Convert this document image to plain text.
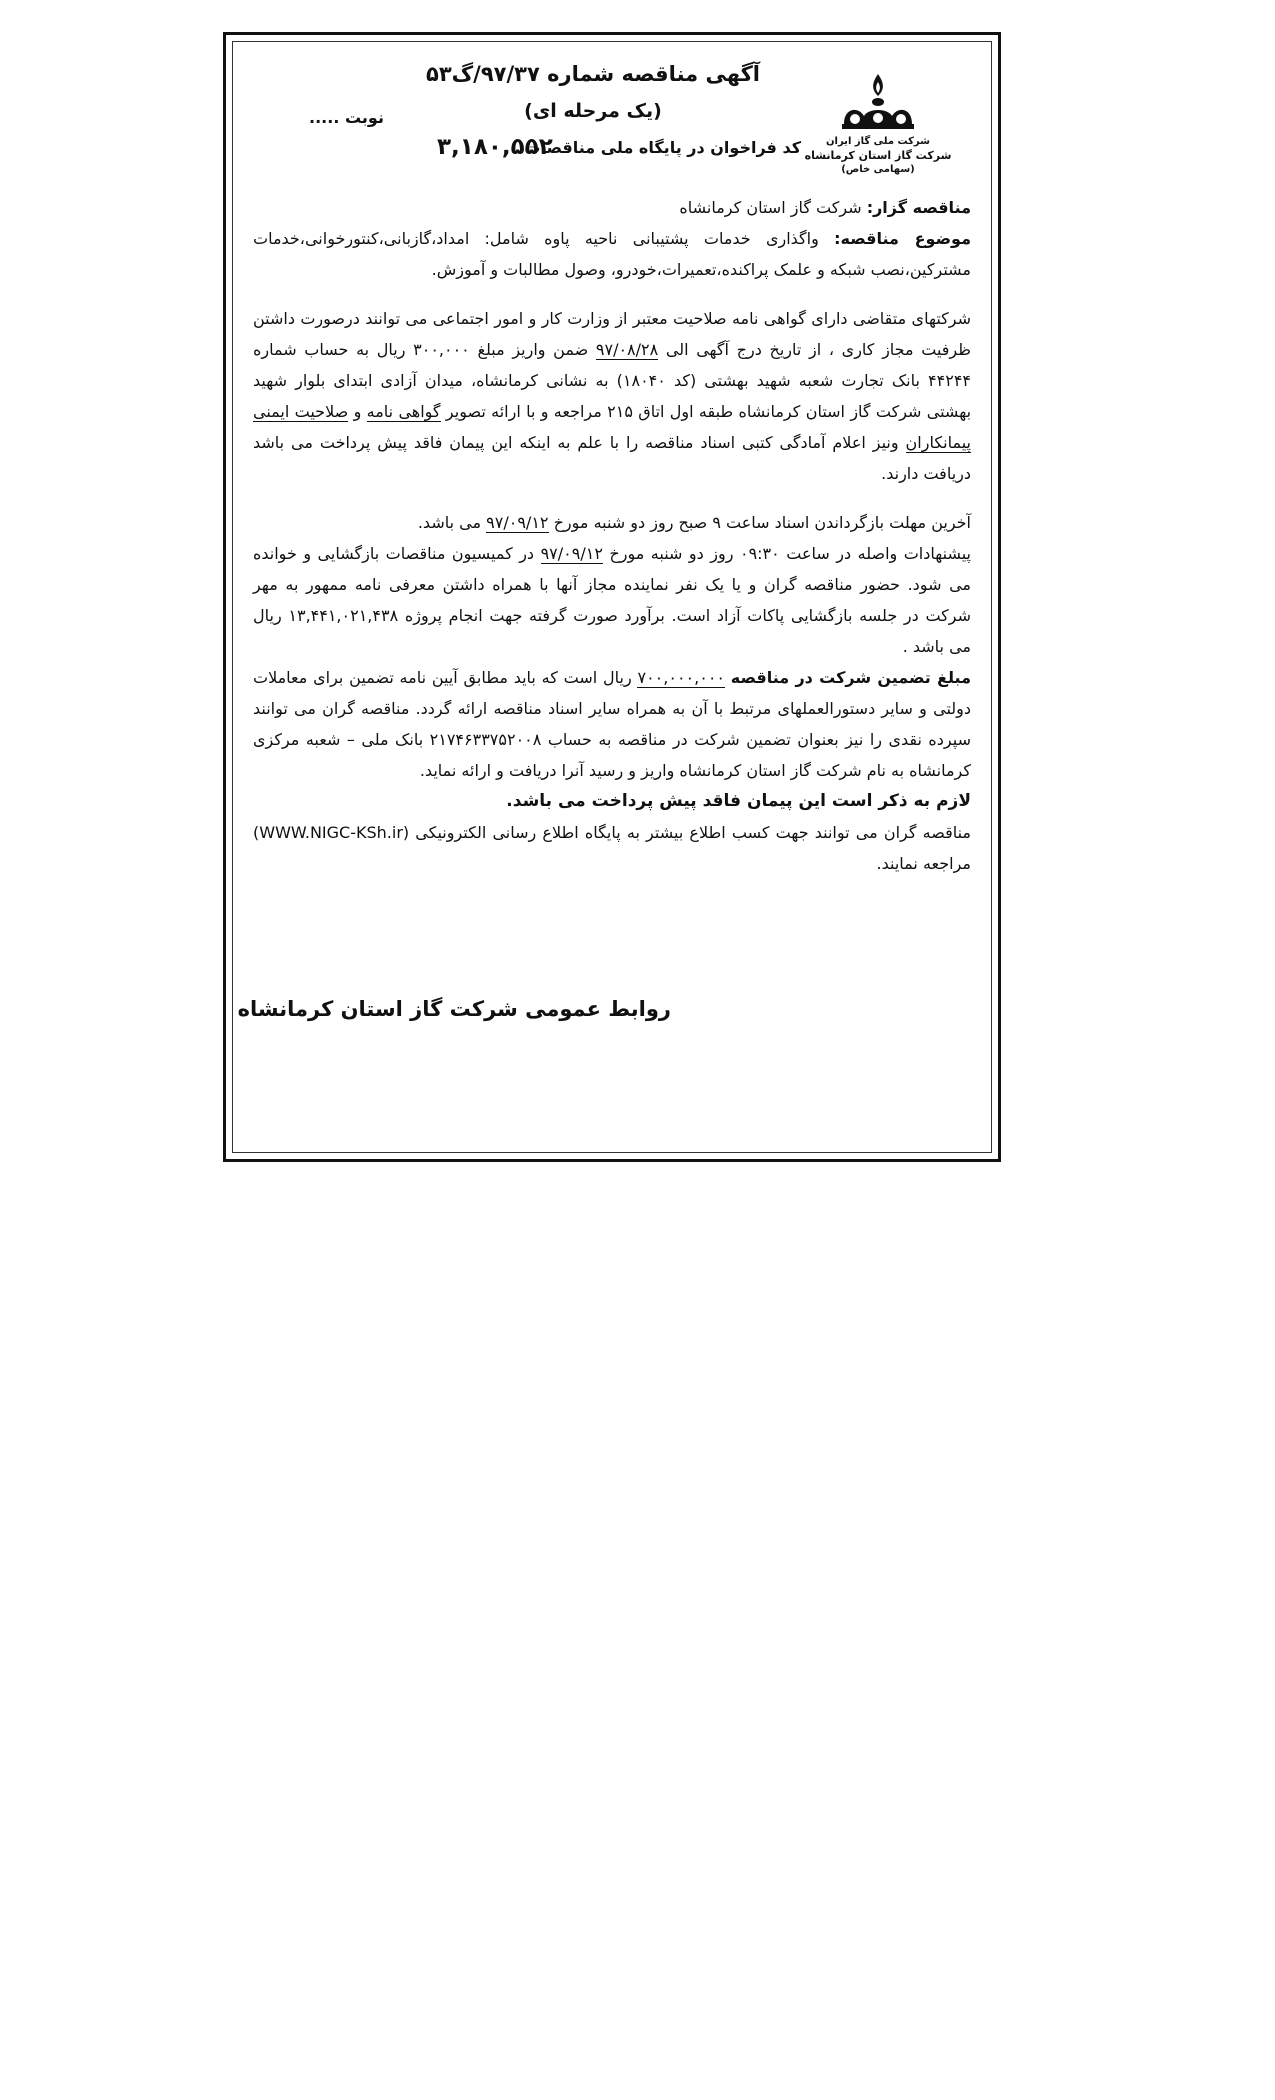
شرکت ملی گاز ایران
شرکت گاز استان کرمانشاه
(سهامی خاص)
آگهی مناقصه شماره ۹۷/۳۷/گ۵۳
(یک مرحله ای)
نوبت .....
کد فراخوان در پایگاه ملی مناقصات:
۳,۱۸۰,۵۵۲

مناقصه گزار: شرکت گاز استان کرمانشاه

موضوع مناقصه: واگذاری خدمات پشتیبانی ناحیه پاوه شامل: امداد،گازبانی،کنتورخوانی،خدمات مشترکین،نصب شبکه و علمک پراکنده،تعمیرات،خودرو، وصول مطالبات و آموزش.

شرکتهای متقاضی دارای گواهی نامه صلاحیت معتبر از وزارت کار و امور اجتماعی می توانند درصورت داشتن ظرفیت مجاز کاری ، از تاریخ درج آگهی الی ۹۷/۰۸/۲۸ ضمن واریز مبلغ ۳۰۰,۰۰۰ ریال به حساب شماره ۴۴۲۴۴ بانک تجارت شعبه شهید بهشتی (کد ۱۸۰۴۰) به نشانی کرمانشاه، میدان آزادی ابتدای بلوار شهید بهشتی شرکت گاز استان کرمانشاه طبقه اول اتاق ۲۱۵ مراجعه و با ارائه تصویر گواهی نامه و صلاحیت ایمنی پیمانکاران ونیز اعلام آمادگی کتبی اسناد مناقصه را با علم به اینکه این پیمان فاقد پیش پرداخت می باشد دریافت دارند.

آخرین مهلت بازگرداندن اسناد ساعت ۹ صبح روز دو شنبه مورخ ۹۷/۰۹/۱۲ می باشد.

پیشنهادات واصله در ساعت ۰۹:۳۰ روز دو شنبه مورخ ۹۷/۰۹/۱۲ در کمیسیون مناقصات بازگشایی و خوانده می شود. حضور مناقصه گران و یا یک نفر نماینده مجاز آنها با همراه داشتن معرفی نامه ممهور به مهر شرکت در جلسه بازگشایی پاکات آزاد است. برآورد صورت گرفته جهت انجام پروژه ۱۳,۴۴۱,۰۲۱,۴۳۸ ریال می باشد .

مبلغ تضمین شرکت در مناقصه ۷۰۰,۰۰۰,۰۰۰ ریال است که باید مطابق آیین نامه تضمین برای معاملات دولتی و سایر دستورالعملهای مرتبط با آن به همراه سایر اسناد مناقصه ارائه گردد. مناقصه گران می توانند سپرده نقدی را نیز بعنوان تضمین شرکت در مناقصه به حساب ۲۱۷۴۶۳۳۷۵۲۰۰۸ بانک ملی – شعبه مرکزی کرمانشاه به نام شرکت گاز استان کرمانشاه واریز و رسید آنرا دریافت و ارائه نماید.

لازم به ذکر است این پیمان فاقد پیش پرداخت می باشد.

مناقصه گران می توانند جهت کسب اطلاع بیشتر به پایگاه اطلاع رسانی الکترونیکی (WWW.NIGC-KSh.ir) مراجعه نمایند.

روابط عمومی شرکت گاز استان کرمانشاه
